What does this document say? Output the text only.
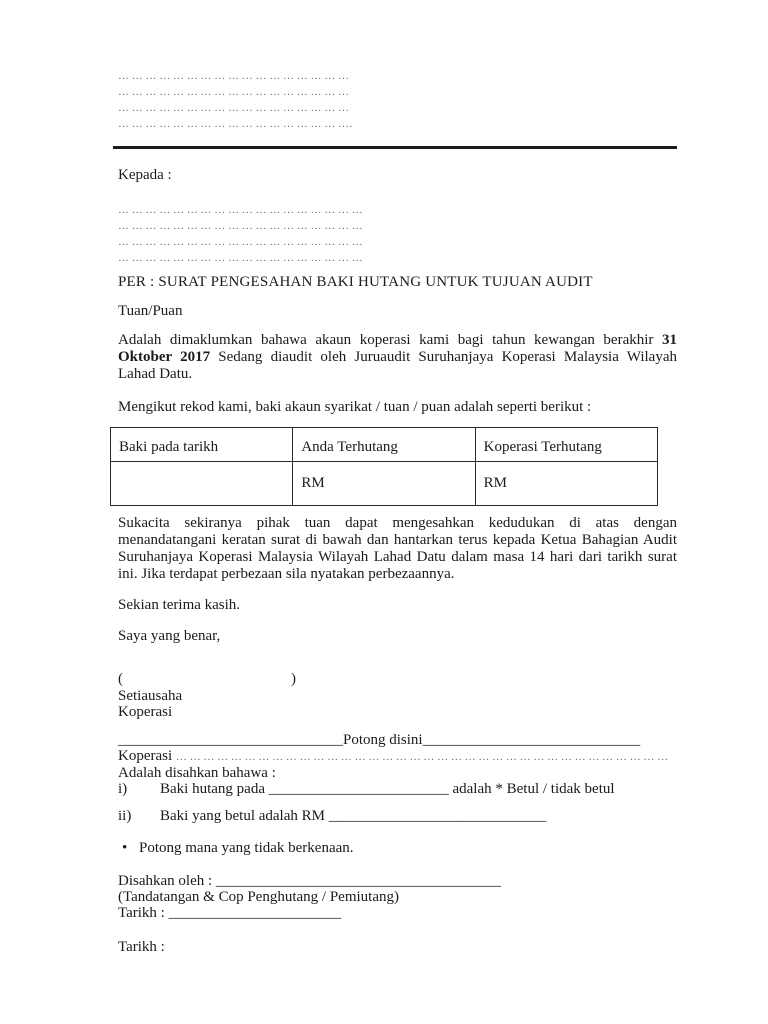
… … … … … … … … … … … … … … … … …
… … … … … … … … … … … … … … … … …
… … … … … … … … … … … … … … … … …
… … … … … … … … … … … … … … … … ….
Kepada :
… … … … … … … … … … … … … … … … … …
… … … … … … … … … … … … … … … … … …
… … … … … … … … … … … … … … … … … …
… … … … … … … … … … … … … … … … … …
PER : SURAT PENGESAHAN BAKI HUTANG UNTUK TUJUAN AUDIT
Tuan/Puan

Adalah dimaklumkan bahawa akaun koperasi kami bagi tahun kewangan berakhir 31 Oktober 2017 Sedang diaudit oleh Juruaudit Suruhanjaya Koperasi Malaysia Wilayah Lahad Datu.

Mengikut rekod kami, baki akaun syarikat / tuan / puan adalah seperti berikut :

Baki pada tarikh	Anda Terhutang	Koperasi Terhutang
	RM	RM

Sukacita sekiranya pihak tuan dapat mengesahkan kedudukan di atas dengan menandatangani keratan surat di bawah dan hantarkan terus kepada Ketua Bahagian Audit Suruhanjaya Koperasi Malaysia Wilayah Lahad Datu dalam masa 14 hari dari tarikh surat ini. Jika terdapat perbezaan sila nyatakan perbezaannya.

Sekian terima kasih.

Saya yang benar,

(	)
Setiausaha
Koperasi
______________________________Potong disini_____________________________
Koperasi … … … … … … … … … … … … … … … … … … … … … … … … … … … … … … … … … … … …
Adalah disahkan bahawa :
i) Baki hutang pada ________________________ adalah * Betul / tidak betul
ii) Baki yang betul adalah RM _____________________________
• Potong mana yang tidak berkenaan.
Disahkan oleh : ______________________________________
(Tandatangan & Cop Penghutang / Pemiutang)
Tarikh : _______________________
Tarikh :
